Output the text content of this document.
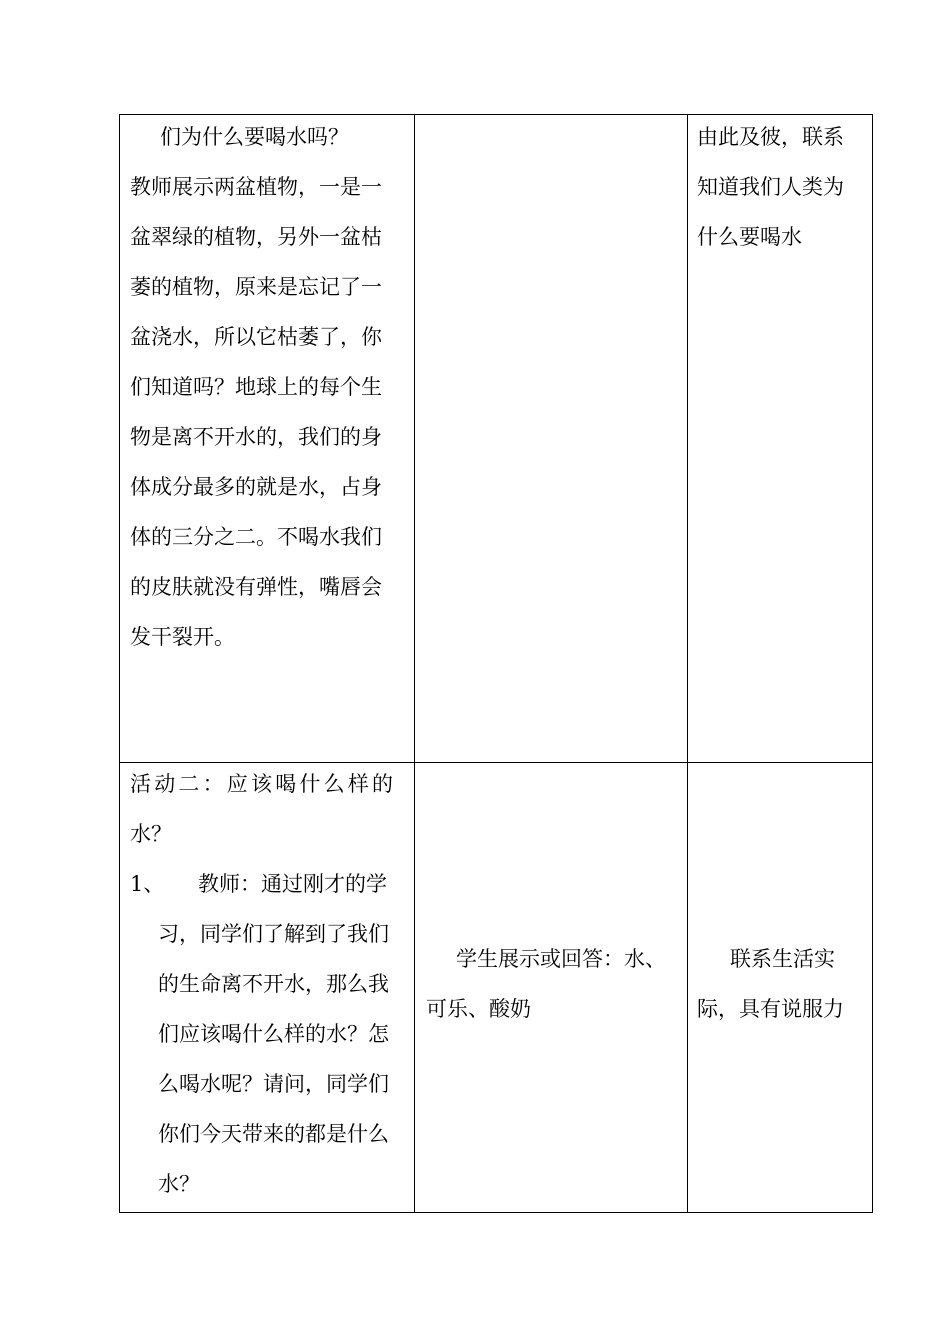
们为什么要喝水吗？

教师展示两盆植物，一是一

盆翠绿的植物，另外一盆枯

萎的植物，原来是忘记了一

盆浇水，所以它枯萎了，你

们知道吗？地球上的每个生

物是离不开水的，我们的身

体成分最多的就是水，占身

体的三分之二。不喝水我们

的皮肤就没有弹性，嘴唇会

发干裂开。

由此及彼，联系

知道我们人类为

什么要喝水

活动二：应该喝什么样的

水？

1、	教师：通过刚才的学

习，同学们了解到了我们

的生命离不开水，那么我

们应该喝什么样的水？怎

么喝水呢？请问，同学们

你们今天带来的都是什么

水？

学生展示或回答：水、

可乐、酸奶

联系生活实

际，具有说服力
